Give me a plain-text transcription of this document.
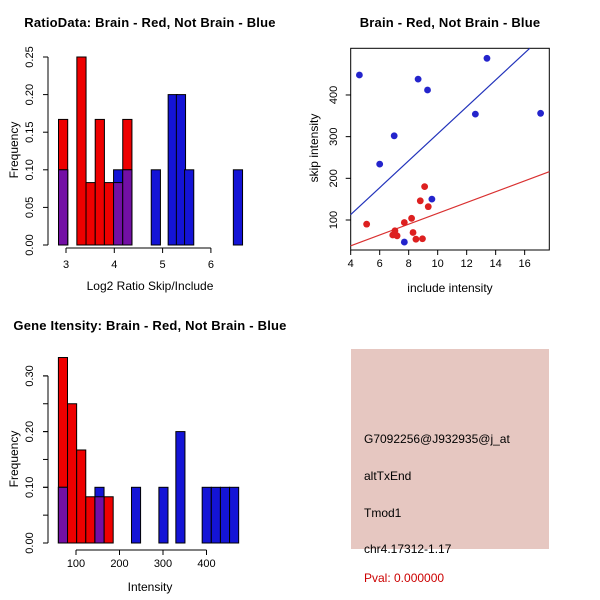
0.00
0.05
0.10
0.15
0.20
0.25
3	4	5	6
RatioData: Brain - Red, Not Brain - Blue
Log2 Ratio Skip/Include
Frequency
4 6 8 10 12 14 16
100
200
300
400
Brain - Red, Not Brain - Blue
include intensity
skip intensity
0.00
0.10
0.20
0.30
100 200 300 400
Gene Itensity: Brain - Red, Not Brain - Blue
Intensity
Frequency	G7092256@J932935@j_at
altTxEnd
Tmod1
chr4.17312-1.17
Pval: 0.000000
